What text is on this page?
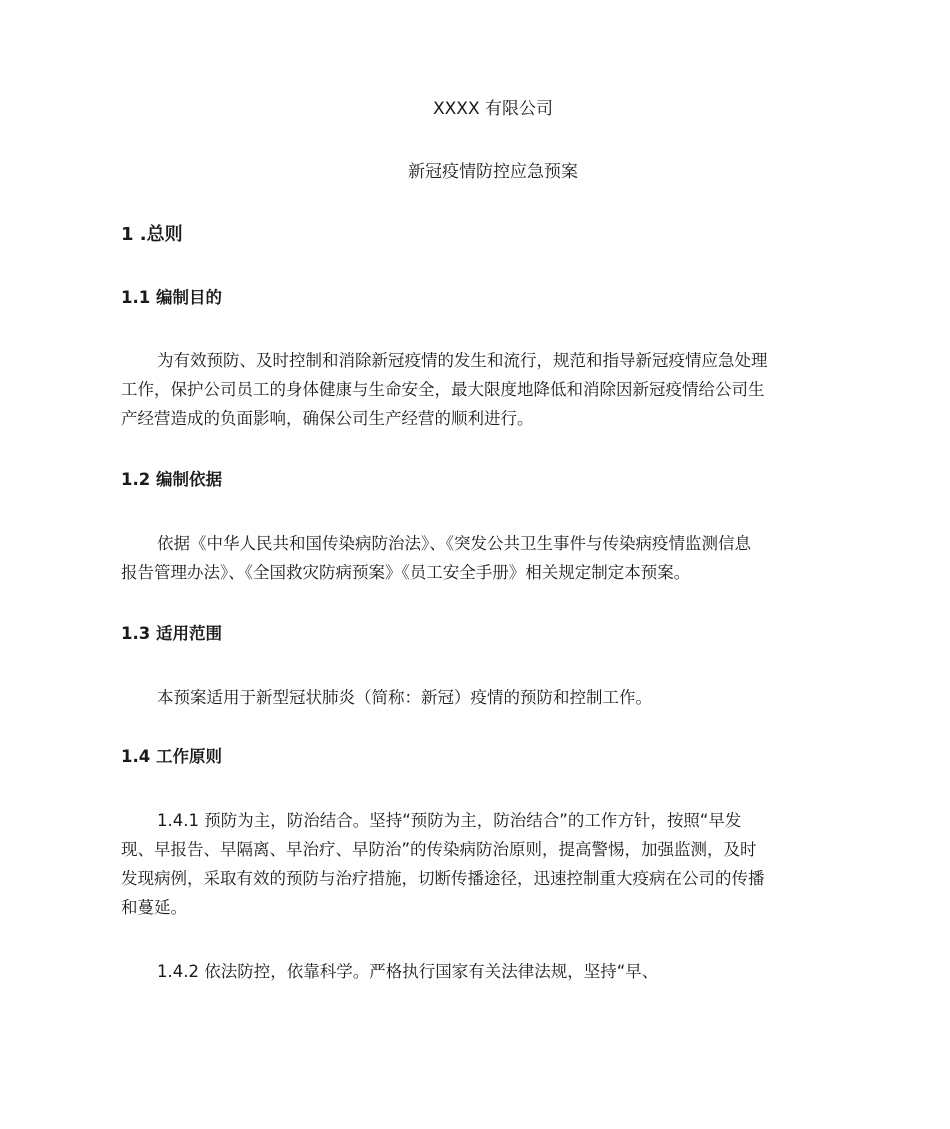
XXXX 有限公司
新冠疫情防控应急预案
1 .总则
1.1 编制目的

为有效预防、及时控制和消除新冠疫情的发生和流行，规范和指导新冠疫情应急处理
工作，保护公司员工的身体健康与生命安全，最大限度地降低和消除因新冠疫情给公司生
产经营造成的负面影响，确保公司生产经营的顺利进行。

1.2 编制依据

依据《中华人民共和国传染病防治法》、《突发公共卫生事件与传染病疫情监测信息
报告管理办法》、《全国救灾防病预案》《员工安全手册》相关规定制定本预案。

1.3 适用范围

本预案适用于新型冠状肺炎（简称：新冠）疫情的预防和控制工作。

1.4 工作原则

1.4.1 预防为主，防治结合。坚持“预防为主，防治结合”的工作方针，按照“早发
现、早报告、早隔离、早治疗、早防治”的传染病防治原则，提高警惕，加强监测，及时
发现病例，采取有效的预防与治疗措施，切断传播途径，迅速控制重大疫病在公司的传播
和蔓延。

1.4.2 依法防控，依靠科学。严格执行国家有关法律法规，坚持“早、
